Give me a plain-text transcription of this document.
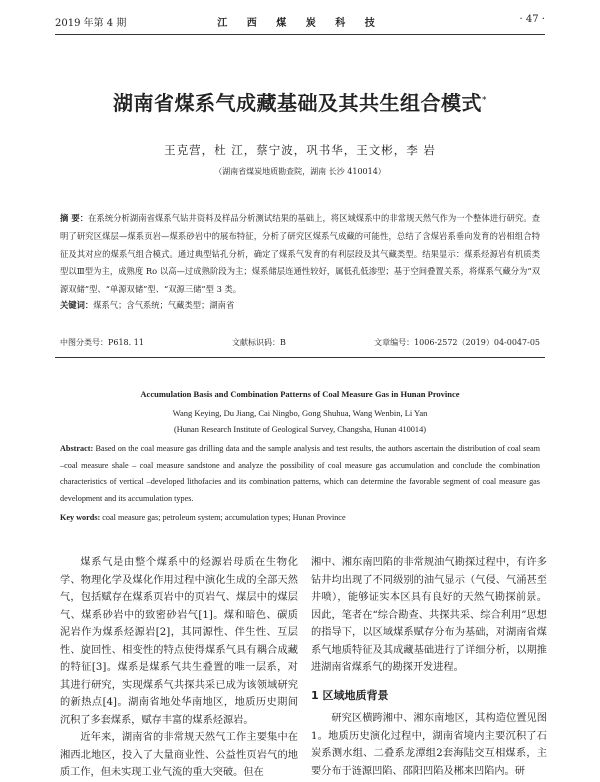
2019 年第 4 期	江 西 煤 炭 科 技	· 47 ·
湖南省煤系气成藏基础及其共生组合模式*
王克营，杜 江，蔡宁波，巩书华，王文彬，李 岩
（湖南省煤炭地质勘查院，湖南 长沙 410014）
摘 要：在系统分析湖南省煤系气钻井资料及样品分析测试结果的基础上，将区域煤系中的非常规天然气作为一个整体进行研究。查明了研究区煤层—煤系页岩—煤系砂岩中的展布特征，分析了研究区煤系气成藏的可能性，总结了含煤岩系垂向发育的岩相组合特征及其对应的煤系气组合模式。通过典型钻孔分析，确定了煤系气发育的有利层段及其气藏类型。结果显示：煤系烃源岩有机质类型以Ⅲ型为主，成熟度 Ro 以高—过成熟阶段为主；煤系储层连通性较好，属低孔低渗型；基于空间叠置关系，将煤系气藏分为“双源双储”型、“单源双储”型、“双源三储”型 3 类。
关键词：煤系气；含气系统；气藏类型；湖南省
中图分类号：P618. 11	文献标识码：B	文章编号：1006-2572（2019）04-0047-05
Accumulation Basis and Combination Patterns of Coal Measure Gas in Hunan Province
Wang Keying, Du Jiang, Cai Ningbo, Gong Shuhua, Wang Wenbin, Li Yan
(Hunan Research Institute of Geological Survey, Changsha, Hunan 410014)
Abstract: Based on the coal measure gas drilling data and the sample analysis and test results, the authors ascertain the distribution of coal seam –coal measure shale – coal measure sandstone and analyze the possibility of coal measure gas accumulation and conclude the combination characteristics of vertical –developed lithofacies and its combination patterns, which can determine the favorable segment of coal measure gas development and its accumulation types.
Key words: coal measure gas; petroleum system; accumulation types; Hunan Province

煤系气是由整个煤系中的烃源岩母质在生物化学、物理化学及煤化作用过程中演化生成的全部天然气，包括赋存在煤系页岩中的页岩气、煤层中的煤层气、煤系砂岩中的致密砂岩气[1]。煤和暗色、碳质泥岩作为煤系烃源岩[2]，其同源性、伴生性、互层性、旋回性、相变性的特点使得煤系气具有耦合成藏的特征[3]。煤系是煤系气共生叠置的唯一层系，对其进行研究，实现煤系气共探共采已成为该领域研究的新热点[4]。湖南省地处华南地区，地质历史期间沉积了多套煤系，赋存丰富的煤系烃源岩。

近年来，湖南省的非常规天然气工作主要集中在湘西北地区，投入了大量商业性、公益性页岩气的地质工作，但未实现工业气流的重大突破。但在

湘中、湘东南凹陷的非常规油气勘探过程中，有许多钻井均出现了不同级别的油气显示（气侵、气涌甚至井喷），能够证实本区具有良好的天然气勘探前景。因此，笔者在“综合勘查、共探共采、综合利用”思想的指导下，以区域煤系赋存分布为基础，对湖南省煤系气地质特征及其成藏基础进行了详细分析，以期推进湖南省煤系气的勘探开发进程。

1 区域地质背景

研究区横跨湘中、湘东南地区，其构造位置见图1。地质历史演化过程中，湖南省境内主要沉积了石炭系测水组、二叠系龙潭组2套海陆交互相煤系，主要分布于涟源凹陷、邵阳凹陷及郴来凹陷内。研
